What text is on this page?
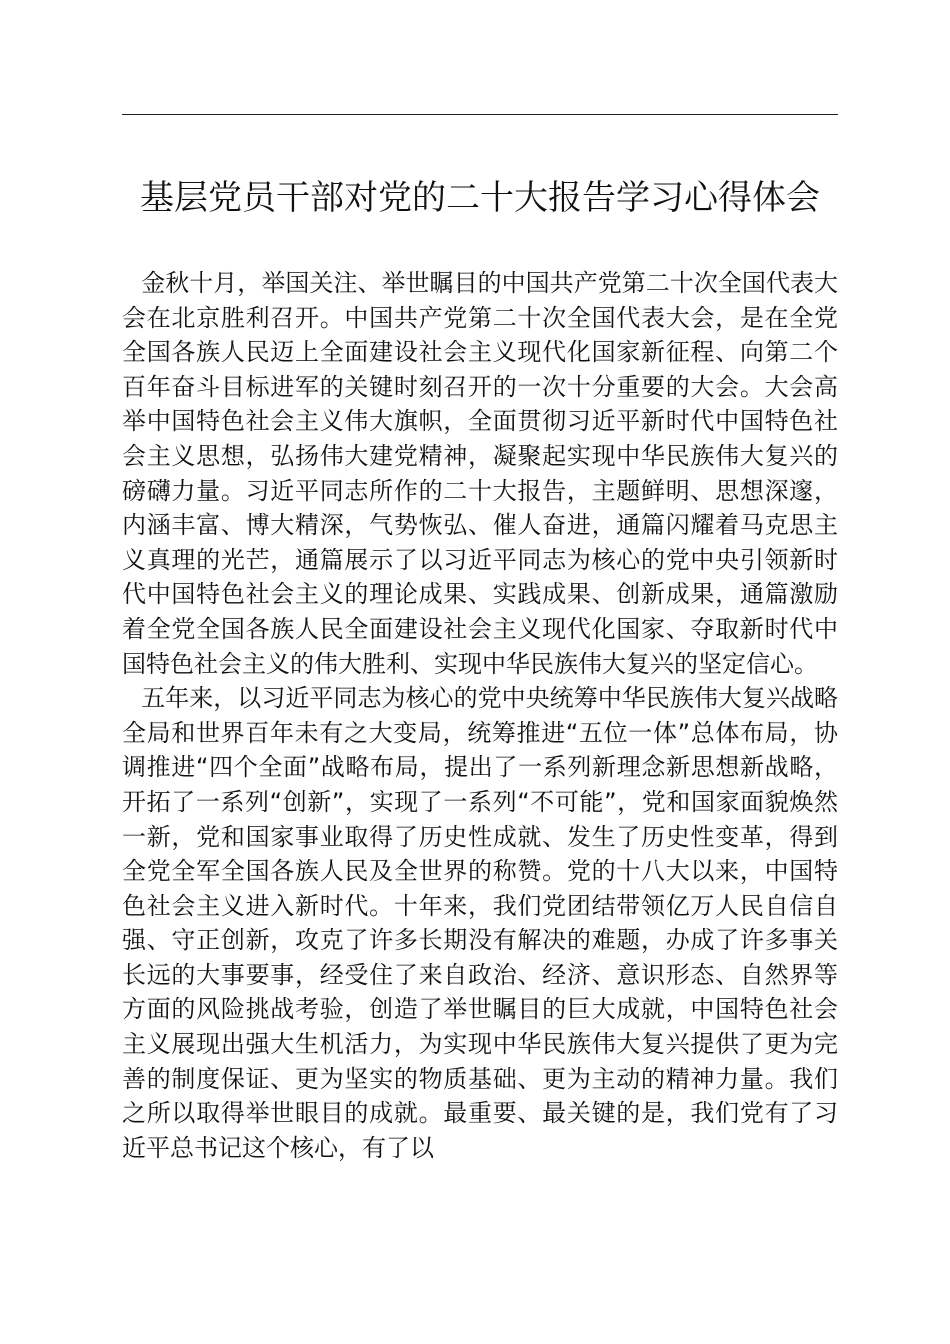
基层党员干部对党的二十大报告学习心得体会

金秋十月，举国关注、举世瞩目的中国共产党第二十次全国代表大会在北京胜利召开。中国共产党第二十次全国代表大会，是在全党全国各族人民迈上全面建设社会主义现代化国家新征程、向第二个百年奋斗目标进军的关键时刻召开的一次十分重要的大会。大会高举中国特色社会主义伟大旗帜，全面贯彻习近平新时代中国特色社会主义思想，弘扬伟大建党精神，凝聚起实现中华民族伟大复兴的磅礴力量。习近平同志所作的二十大报告，主题鲜明、思想深邃，内涵丰富、博大精深，气势恢弘、催人奋进，通篇闪耀着马克思主义真理的光芒，通篇展示了以习近平同志为核心的党中央引领新时代中国特色社会主义的理论成果、实践成果、创新成果，通篇激励着全党全国各族人民全面建设社会主义现代化国家、夺取新时代中国特色社会主义的伟大胜利、实现中华民族伟大复兴的坚定信心。

五年来，以习近平同志为核心的党中央统筹中华民族伟大复兴战略全局和世界百年未有之大变局，统筹推进“五位一体”总体布局，协调推进“四个全面”战略布局，提出了一系列新理念新思想新战略，开拓了一系列“创新”，实现了一系列“不可能”，党和国家面貌焕然一新，党和国家事业取得了历史性成就、发生了历史性变革，得到全党全军全国各族人民及全世界的称赞。党的十八大以来，中国特色社会主义进入新时代。十年来，我们党团结带领亿万人民自信自强、守正创新，攻克了许多长期没有解决的难题，办成了许多事关长远的大事要事，经受住了来自政治、经济、意识形态、自然界等方面的风险挑战考验，创造了举世瞩目的巨大成就，中国特色社会主义展现出强大生机活力，为实现中华民族伟大复兴提供了更为完善的制度保证、更为坚实的物质基础、更为主动的精神力量。我们之所以取得举世眼目的成就。最重要、最关键的是，我们党有了习近平总书记这个核心，有了以
